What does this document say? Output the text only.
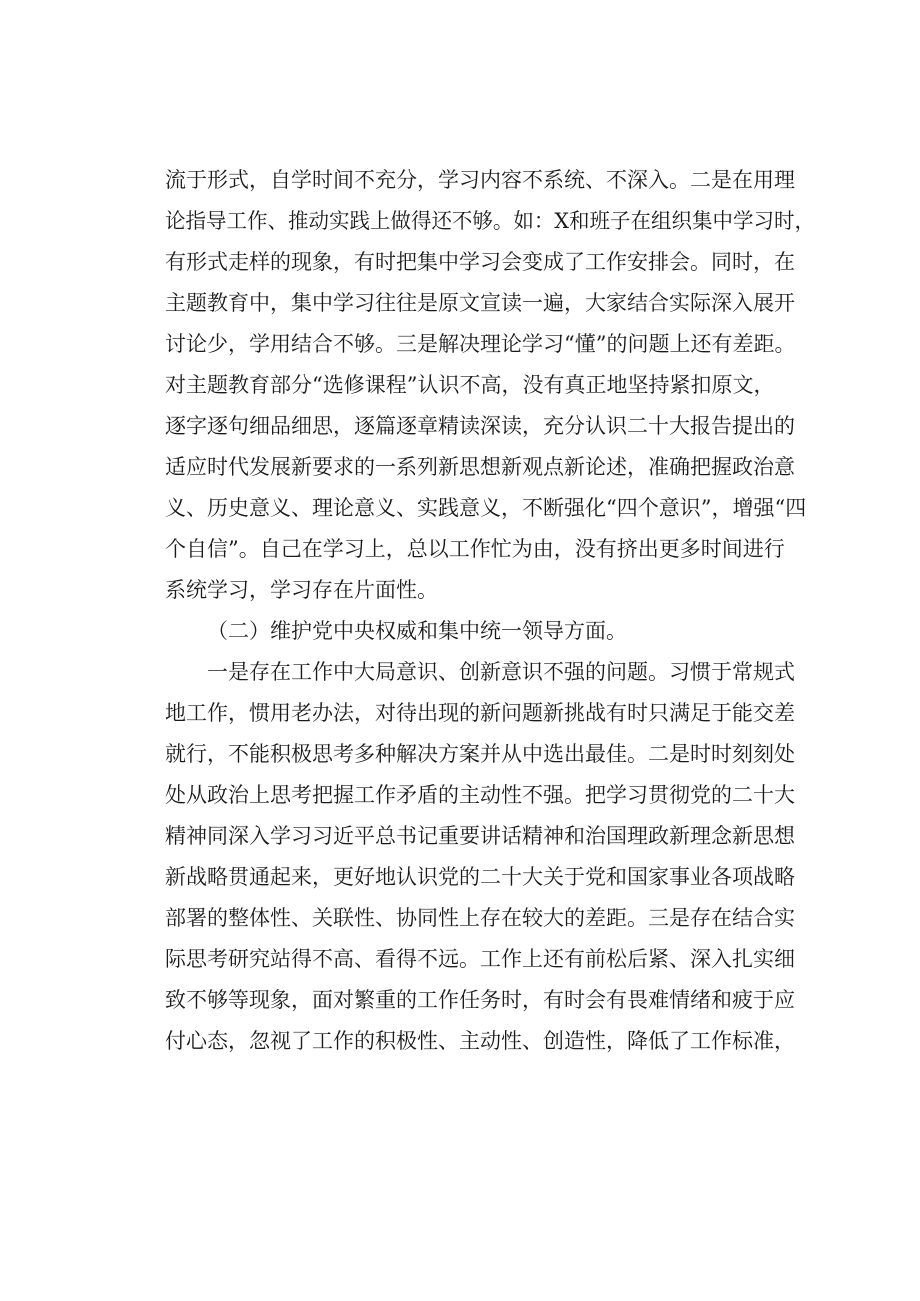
流于形式，自学时间不充分，学习内容不系统、不深入。二是在用理
论指导工作、推动实践上做得还不够。如：X和班子在组织集中学习时，
有形式走样的现象，有时把集中学习会变成了工作安排会。同时，在
主题教育中，集中学习往往是原文宣读一遍，大家结合实际深入展开
讨论少，学用结合不够。三是解决理论学习“懂”的问题上还有差距。
对主题教育部分“选修课程”认识不高，没有真正地坚持紧扣原文，
逐字逐句细品细思，逐篇逐章精读深读，充分认识二十大报告提出的
适应时代发展新要求的一系列新思想新观点新论述，准确把握政治意
义、历史意义、理论意义、实践意义，不断强化“四个意识”，增强“四
个自信”。自己在学习上，总以工作忙为由，没有挤出更多时间进行
系统学习，学习存在片面性。
（二）维护党中央权威和集中统一领导方面。
一是存在工作中大局意识、创新意识不强的问题。习惯于常规式
地工作，惯用老办法，对待出现的新问题新挑战有时只满足于能交差
就行，不能积极思考多种解决方案并从中选出最佳。二是时时刻刻处
处从政治上思考把握工作矛盾的主动性不强。把学习贯彻党的二十大
精神同深入学习习近平总书记重要讲话精神和治国理政新理念新思想
新战略贯通起来，更好地认识党的二十大关于党和国家事业各项战略
部署的整体性、关联性、协同性上存在较大的差距。三是存在结合实
际思考研究站得不高、看得不远。工作上还有前松后紧、深入扎实细
致不够等现象，面对繁重的工作任务时，有时会有畏难情绪和疲于应
付心态，忽视了工作的积极性、主动性、创造性，降低了工作标准，
